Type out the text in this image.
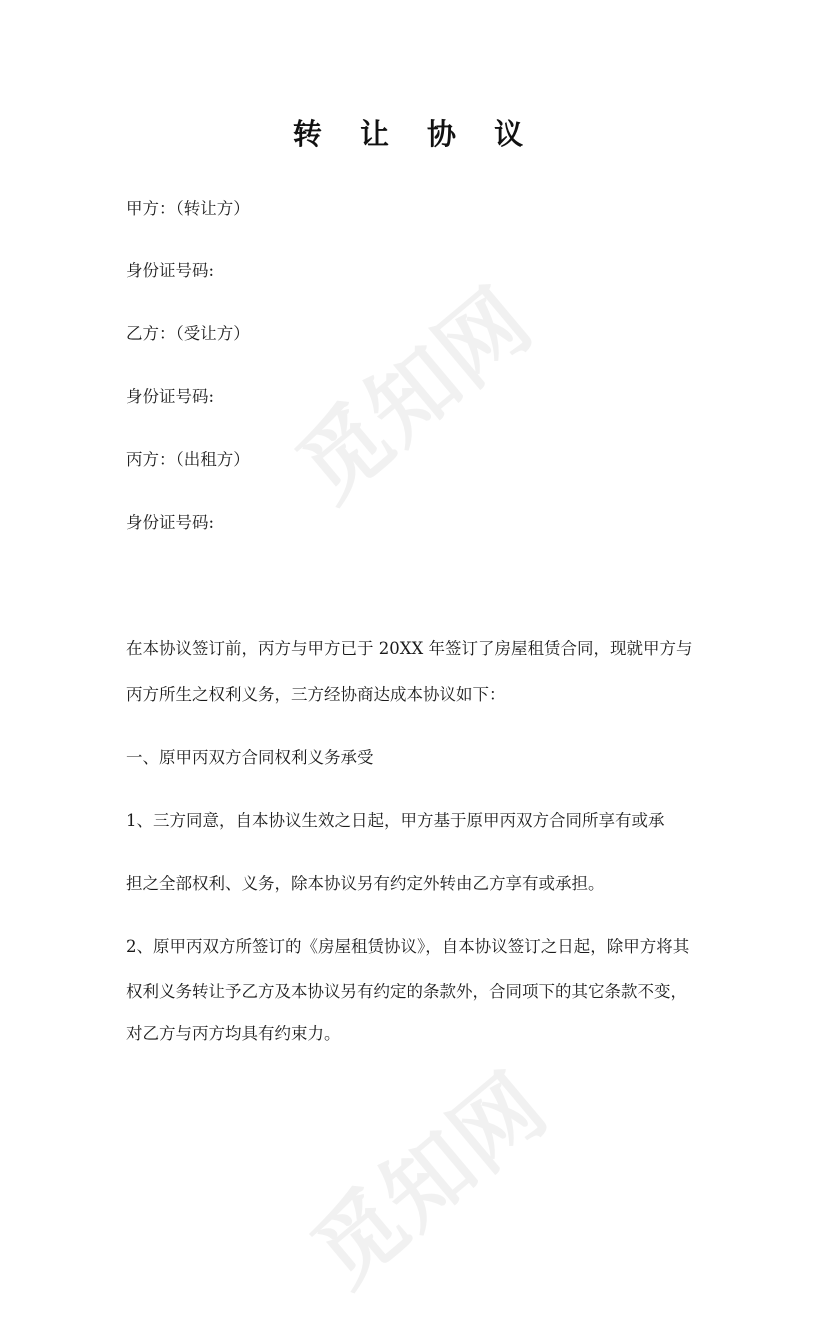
觅知网
觅知网
转 让 协 议

甲方：（转让方）

身份证号码:

乙方：（受让方）

身份证号码:

丙方：（出租方）

身份证号码:

在本协议签订前，丙方与甲方已于 20XX 年签订了房屋租赁合同，现就甲方与

丙方所生之权利义务，三方经协商达成本协议如下：

一、原甲丙双方合同权利义务承受

1、三方同意，自本协议生效之日起，甲方基于原甲丙双方合同所享有或承

担之全部权利、义务，除本协议另有约定外转由乙方享有或承担。

2、原甲丙双方所签订的《房屋租赁协议》，自本协议签订之日起，除甲方将其

权利义务转让予乙方及本协议另有约定的条款外，合同项下的其它条款不变，

对乙方与丙方均具有约束力。
